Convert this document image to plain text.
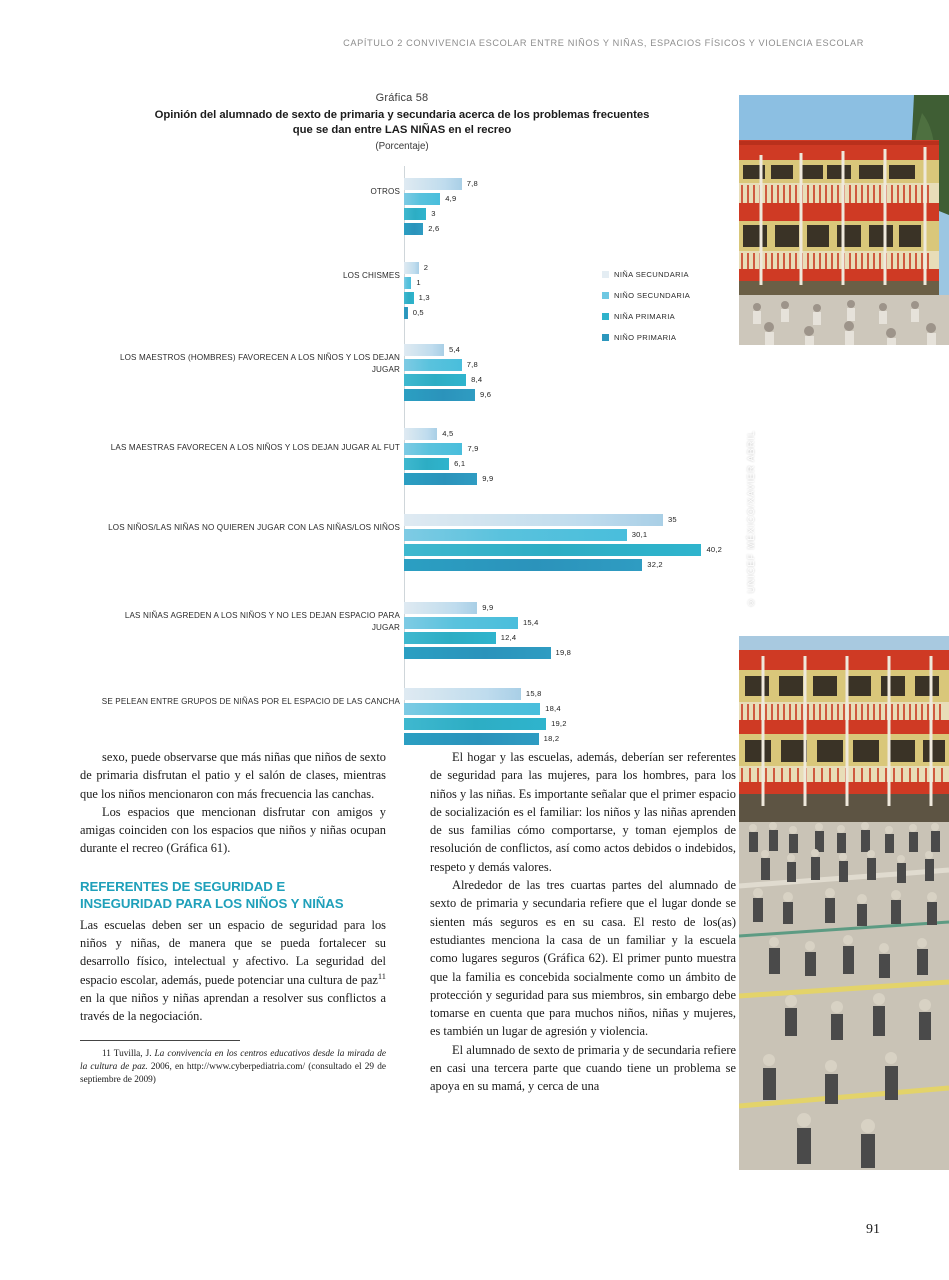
CAPÍTULO 2 CONVIVENCIA ESCOLAR ENTRE NIÑOS Y NIÑAS, ESPACIOS FÍSICOS Y VIOLENCIA ESCOLAR
© UNICEF MÉXICO/XAVIER ABRIL
Gráfica 58
Opinión del alumnado de sexto de primaria y secundaria acerca de los problemas frecuentes
que se dan entre LAS NIÑAS en el recreo
(Porcentaje)
OTROS
7,8
4,9
3
2,6
LOS CHISMES
2
1
1,3
0,5
LOS MAESTROS (HOMBRES) FAVORECEN A LOS NIÑOS Y LOS DEJAN JUGAR
5,4
7,8
8,4
9,6
LAS MAESTRAS FAVORECEN A LOS NIÑOS Y LOS DEJAN JUGAR AL FUT
4,5
7,9
6,1
9,9
LOS NIÑOS/LAS NIÑAS NO QUIEREN JUGAR CON LAS NIÑAS/LOS NIÑOS
35
30,1
40,2
32,2
LAS NIÑAS AGREDEN A LOS NIÑOS Y NO LES DEJAN ESPACIO PARA JUGAR
9,9
15,4
12,4
19,8
SE PELEAN ENTRE GRUPOS DE NIÑAS POR EL ESPACIO DE LAS CANCHA
15,8
18,4
19,2
18,2
NIÑA SECUNDARIA
NIÑO SECUNDARIA
NIÑA PRIMARIA
NIÑO PRIMARIA

sexo, puede observarse que más niñas que niños de sexto de primaria disfrutan el patio y el salón de clases, mientras que los niños mencionaron con más frecuencia las canchas.

Los espacios que mencionan disfrutar con amigos y amigas coinciden con los espacios que niños y niñas ocupan durante el recreo (Gráfica 61).

REFERENTES DE SEGURIDAD E
INSEGURIDAD PARA LOS NIÑOS Y NIÑAS

Las escuelas deben ser un espacio de seguridad para los niños y niñas, de manera que se pueda fortalecer su desarrollo físico, intelectual y afectivo. La seguridad del espacio escolar, además, puede potenciar una cultura de paz$^{11}$ en la que niños y niñas aprendan a resolver sus conflictos a través de la negociación.

11 Tuvilla, J. La convivencia en los centros educativos desde la mirada de la cultura de paz. 2006, en http://www.cyberpediatria.com/ (consultado el 29 de septiembre de 2009)

El hogar y las escuelas, además, deberían ser referentes de seguridad para las mujeres, para los hombres, para los niños y las niñas. Es importante señalar que el primer espacio de socialización es el familiar: los niños y las niñas aprenden de sus familias cómo comportarse, y toman ejemplos de resolución de conflictos, así como actos debidos o indebidos, respeto y demás valores.

Alrededor de las tres cuartas partes del alumnado de sexto de primaria y secundaria refiere que el lugar donde se sienten más seguros es en su casa. El resto de los(as) estudiantes menciona la casa de un familiar y la escuela como lugares seguros (Gráfica 62). El primer punto muestra que la familia es concebida socialmente como un ámbito de protección y seguridad para sus miembros, sin embargo debe tomarse en cuenta que para muchos niños, niñas y mujeres, es también un lugar de agresión y violencia.

El alumnado de sexto de primaria y de secundaria refiere en casi una tercera parte que cuando tiene un problema se apoya en su mamá, y cerca de una

91
